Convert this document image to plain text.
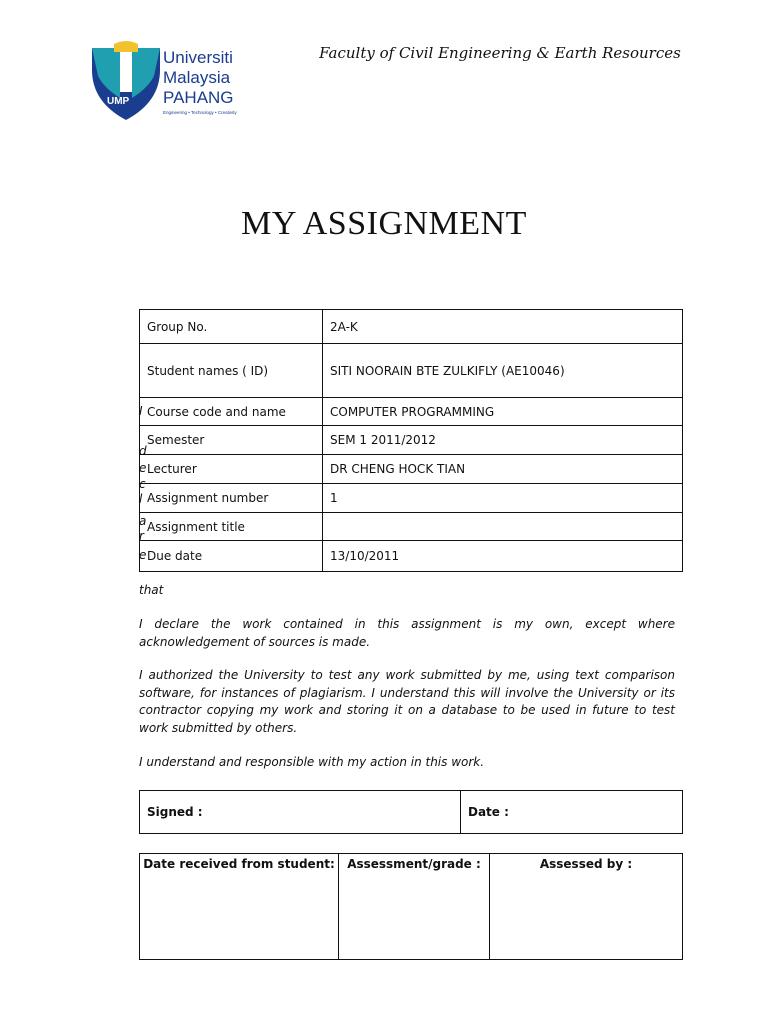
UMP
Universiti
Malaysia
PAHANG
Engineering • Technology • Creativity
Faculty of Civil Engineering & Earth Resources
MY ASSIGNMENT
Group No.	2A-K
Student names ( ID)	SITI NOORAIN BTE ZULKIFLY (AE10046)
Course code and name	COMPUTER PROGRAMMING
Semester	SEM 1 2011/2012
Lecturer	DR CHENG HOCK TIAN
Assignment number	1
Assignment title	
Due date	13/10/2011
I
d
e
c
l
a
r
e
that
I declare the work contained in this assignment is my own, except where acknowledgement of sources is made.
I authorized the University to test any work submitted by me, using text comparison software, for instances of plagiarism. I understand this will involve the University or its contractor copying my work and storing it on a database to be used in future to test work submitted by others.
I understand and responsible with my action in this work.
Signed :	Date :
Date received from student:	Assessment/grade :	Assessed by :
